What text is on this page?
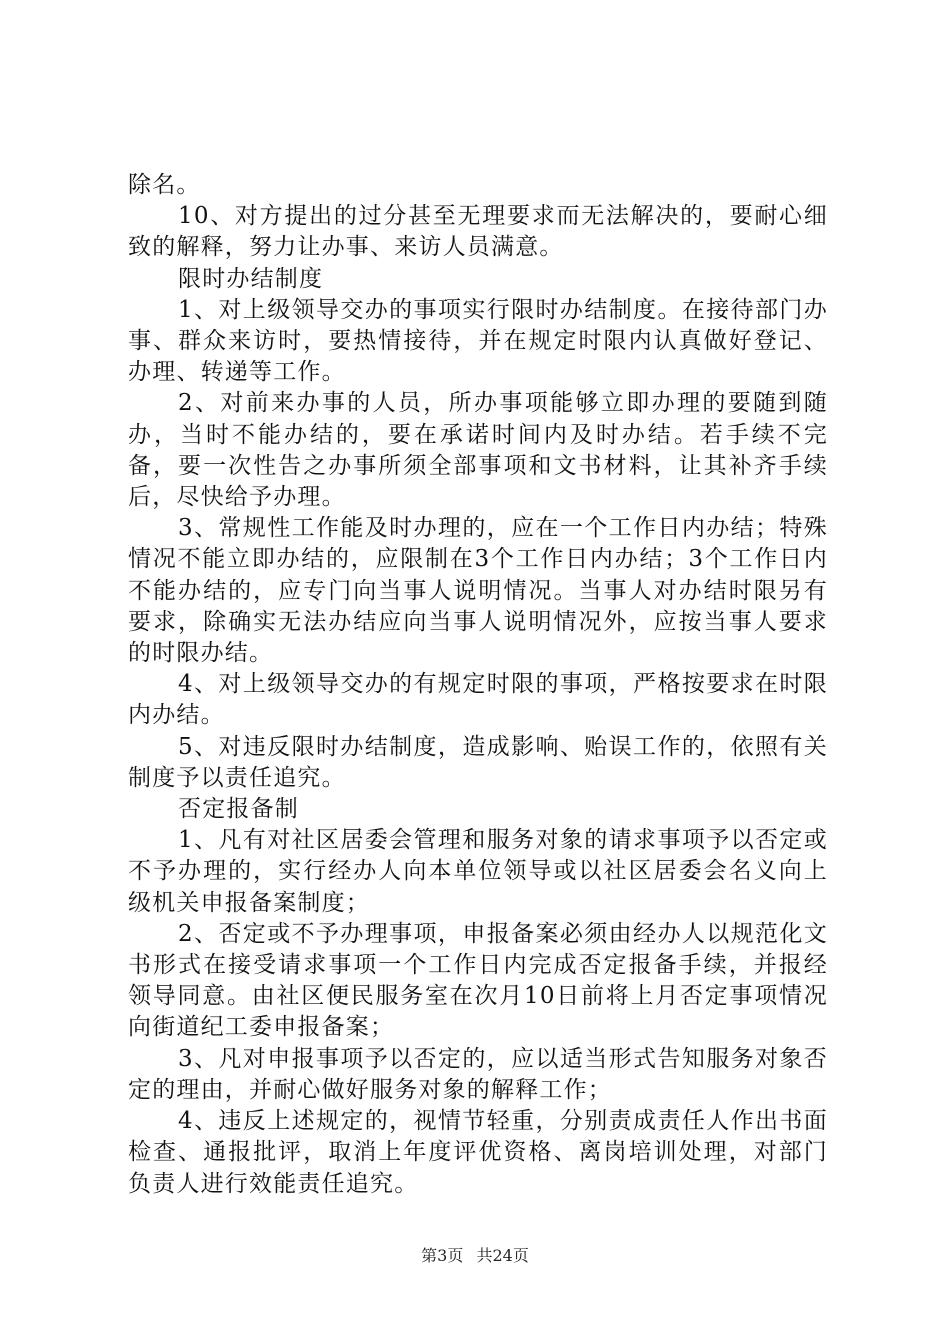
除名。

10、对方提出的过分甚至无理要求而无法解决的，要耐心细致的解释，努力让办事、来访人员满意。

限时办结制度

1、对上级领导交办的事项实行限时办结制度。在接待部门办事、群众来访时，要热情接待，并在规定时限内认真做好登记、办理、转递等工作。

2、对前来办事的人员，所办事项能够立即办理的要随到随办，当时不能办结的，要在承诺时间内及时办结。若手续不完备，要一次性告之办事所须全部事项和文书材料，让其补齐手续后，尽快给予办理。

3、常规性工作能及时办理的，应在一个工作日内办结；特殊情况不能立即办结的，应限制在3个工作日内办结；3个工作日内不能办结的，应专门向当事人说明情况。当事人对办结时限另有要求，除确实无法办结应向当事人说明情况外，应按当事人要求的时限办结。

4、对上级领导交办的有规定时限的事项，严格按要求在时限内办结。

5、对违反限时办结制度，造成影响、贻误工作的，依照有关制度予以责任追究。

否定报备制

1、凡有对社区居委会管理和服务对象的请求事项予以否定或不予办理的，实行经办人向本单位领导或以社区居委会名义向上级机关申报备案制度；

2、否定或不予办理事项，申报备案必须由经办人以规范化文书形式在接受请求事项一个工作日内完成否定报备手续，并报经领导同意。由社区便民服务室在次月10日前将上月否定事项情况向街道纪工委申报备案；

3、凡对申报事项予以否定的，应以适当形式告知服务对象否定的理由，并耐心做好服务对象的解释工作；

4、违反上述规定的，视情节轻重，分别责成责任人作出书面检查、通报批评，取消上年度评优资格、离岗培训处理，对部门负责人进行效能责任追究。

第3页 共24页
